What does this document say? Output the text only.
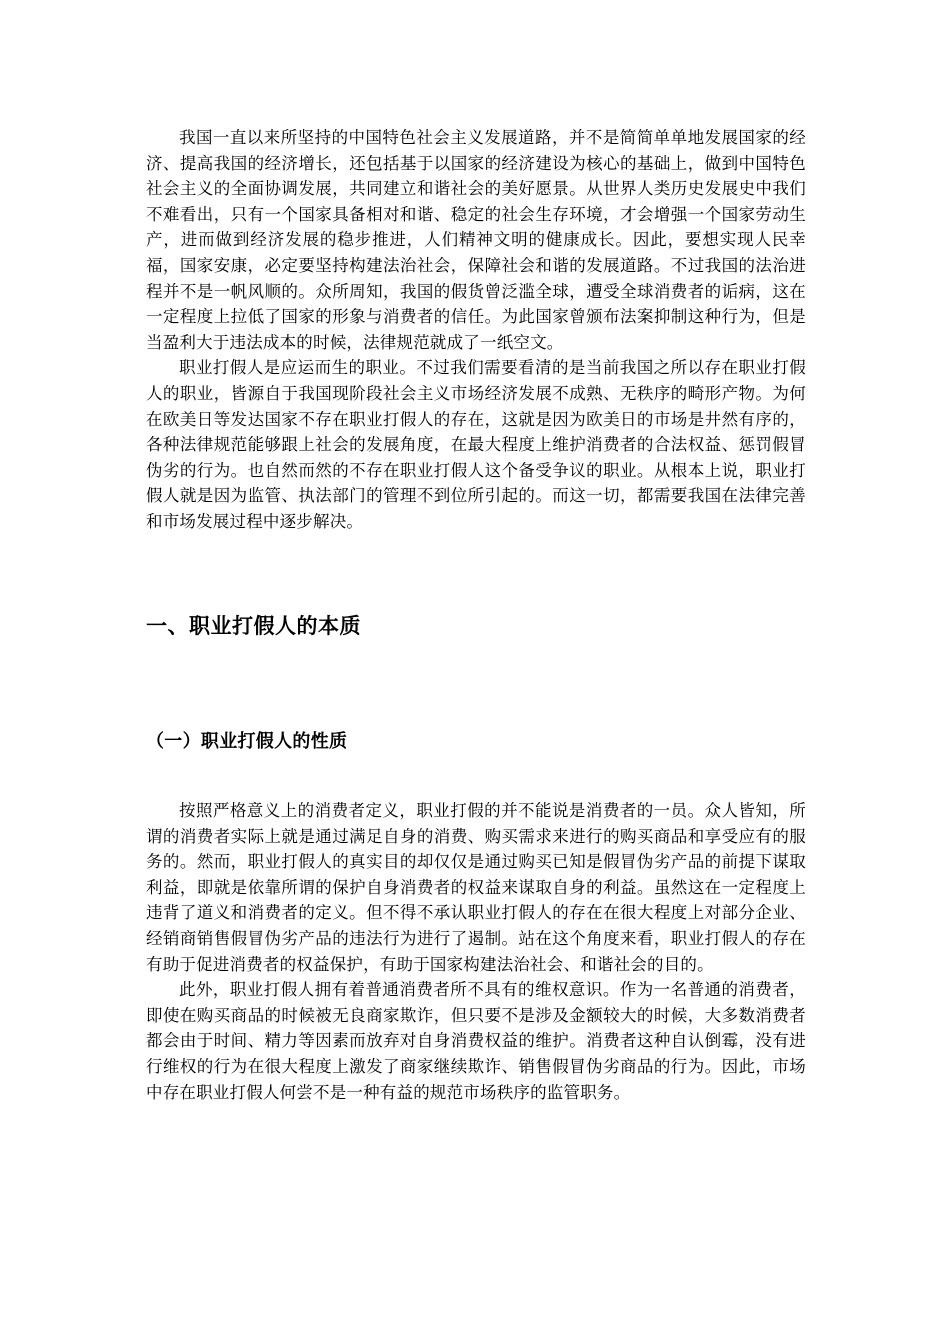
我国一直以来所坚持的中国特色社会主义发展道路，并不是简简单单地发展国家的经济、提高我国的经济增长，还包括基于以国家的经济建设为核心的基础上，做到中国特色社会主义的全面协调发展，共同建立和谐社会的美好愿景。从世界人类历史发展史中我们不难看出，只有一个国家具备相对和谐、稳定的社会生存环境，才会增强一个国家劳动生产，进而做到经济发展的稳步推进，人们精神文明的健康成长。因此，要想实现人民幸福，国家安康，必定要坚持构建法治社会，保障社会和谐的发展道路。不过我国的法治进程并不是一帆风顺的。众所周知，我国的假货曾泛滥全球，遭受全球消费者的诟病，这在一定程度上拉低了国家的形象与消费者的信任。为此国家曾颁布法案抑制这种行为，但是当盈利大于违法成本的时候，法律规范就成了一纸空文。

职业打假人是应运而生的职业。不过我们需要看清的是当前我国之所以存在职业打假人的职业，皆源自于我国现阶段社会主义市场经济发展不成熟、无秩序的畸形产物。为何在欧美日等发达国家不存在职业打假人的存在，这就是因为欧美日的市场是井然有序的，各种法律规范能够跟上社会的发展角度，在最大程度上维护消费者的合法权益、惩罚假冒伪劣的行为。也自然而然的不存在职业打假人这个备受争议的职业。从根本上说，职业打假人就是因为监管、执法部门的管理不到位所引起的。而这一切，都需要我国在法律完善和市场发展过程中逐步解决。

一、职业打假人的本质
（一）职业打假人的性质

按照严格意义上的消费者定义，职业打假的并不能说是消费者的一员。众人皆知，所谓的消费者实际上就是通过满足自身的消费、购买需求来进行的购买商品和享受应有的服务的。然而，职业打假人的真实目的却仅仅是通过购买已知是假冒伪劣产品的前提下谋取利益，即就是依靠所谓的保护自身消费者的权益来谋取自身的利益。虽然这在一定程度上违背了道义和消费者的定义。但不得不承认职业打假人的存在在很大程度上对部分企业、经销商销售假冒伪劣产品的违法行为进行了遏制。站在这个角度来看，职业打假人的存在有助于促进消费者的权益保护，有助于国家构建法治社会、和谐社会的目的。

此外，职业打假人拥有着普通消费者所不具有的维权意识。作为一名普通的消费者，即使在购买商品的时候被无良商家欺诈，但只要不是涉及金额较大的时候，大多数消费者都会由于时间、精力等因素而放弃对自身消费权益的维护。消费者这种自认倒霉，没有进行维权的行为在很大程度上激发了商家继续欺诈、销售假冒伪劣商品的行为。因此，市场中存在职业打假人何尝不是一种有益的规范市场秩序的监管职务。
